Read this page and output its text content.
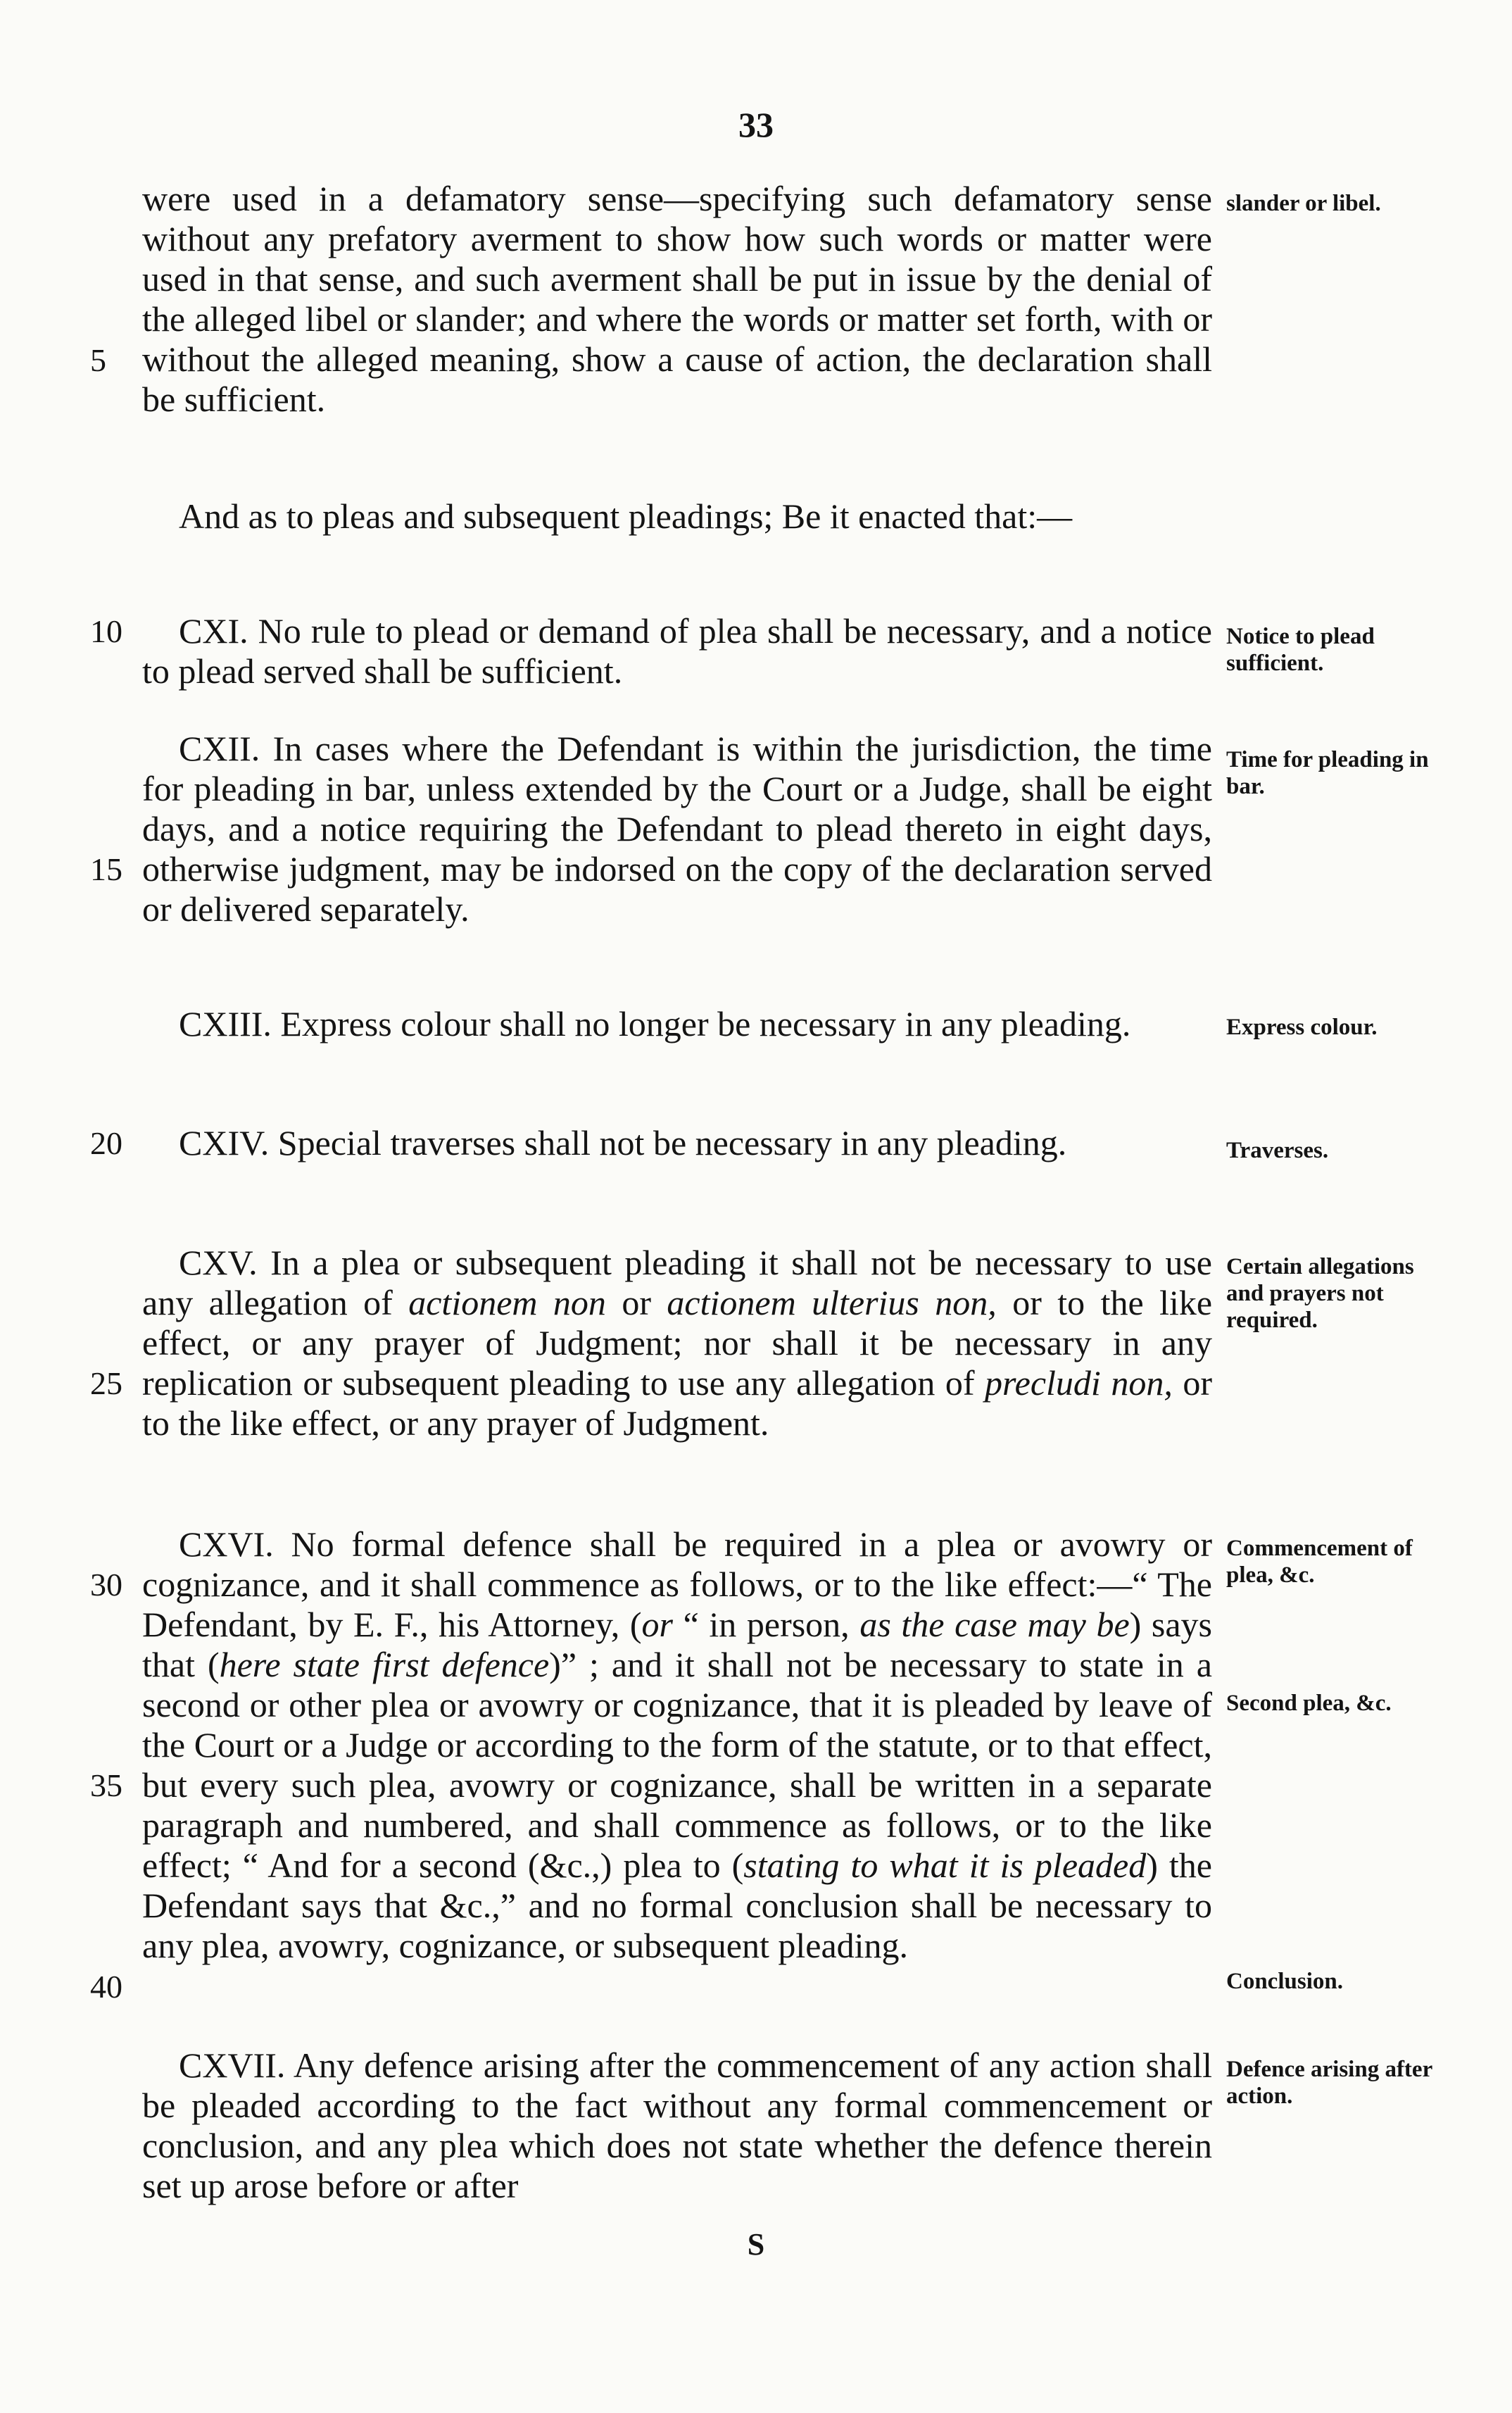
33

were used in a defamatory sense—specifying such defamatory sense without any prefatory averment to show how such words or matter were used in that sense, and such averment shall be put in issue by the denial of the alleged libel or slander; and where the words or matter set forth, with or without the alleged meaning, show a cause of action, the declaration shall be sufficient.

And as to pleas and subsequent pleadings; Be it enacted that:—

CXI. No rule to plead or demand of plea shall be necessary, and a notice to plead served shall be sufficient.

CXII. In cases where the Defendant is within the jurisdiction, the time for pleading in bar, unless extended by the Court or a Judge, shall be eight days, and a notice requiring the Defendant to plead thereto in eight days, otherwise judgment, may be indorsed on the copy of the declaration served or delivered separately.

CXIII. Express colour shall no longer be necessary in any pleading.

CXIV. Special traverses shall not be necessary in any pleading.

CXV. In a plea or subsequent pleading it shall not be necessary to use any allegation of actionem non or actionem ulterius non, or to the like effect, or any prayer of Judgment; nor shall it be necessary in any replication or subsequent pleading to use any allegation of precludi non, or to the like effect, or any prayer of Judgment.

CXVI. No formal defence shall be required in a plea or avowry or cognizance, and it shall commence as follows, or to the like effect:—“ The Defendant, by E. F., his Attorney, (or “ in person, as the case may be) says that (here state first defence)” ; and it shall not be necessary to state in a second or other plea or avowry or cognizance, that it is pleaded by leave of the Court or a Judge or according to the form of the statute, or to that effect, but every such plea, avowry or cognizance, shall be written in a separate paragraph and numbered, and shall commence as follows, or to the like effect; “ And for a second (&c.,) plea to (stating to what it is pleaded) the Defendant says that &c.,” and no formal conclusion shall be necessary to any plea, avowry, cognizance, or subsequent pleading.

CXVII. Any defence arising after the commencement of any action shall be pleaded according to the fact without any formal commencement or conclusion, and any plea which does not state whether the defence therein set up arose before or after

5
10
15
20
25
30
35
40
slander or libel.
Notice to plead sufficient.
Time for pleading in bar.
Express colour.
Traverses.
Certain allegations and prayers not required.
Commencement of plea, &c.
Second plea, &c.
Conclusion.
Defence arising after action.
S
